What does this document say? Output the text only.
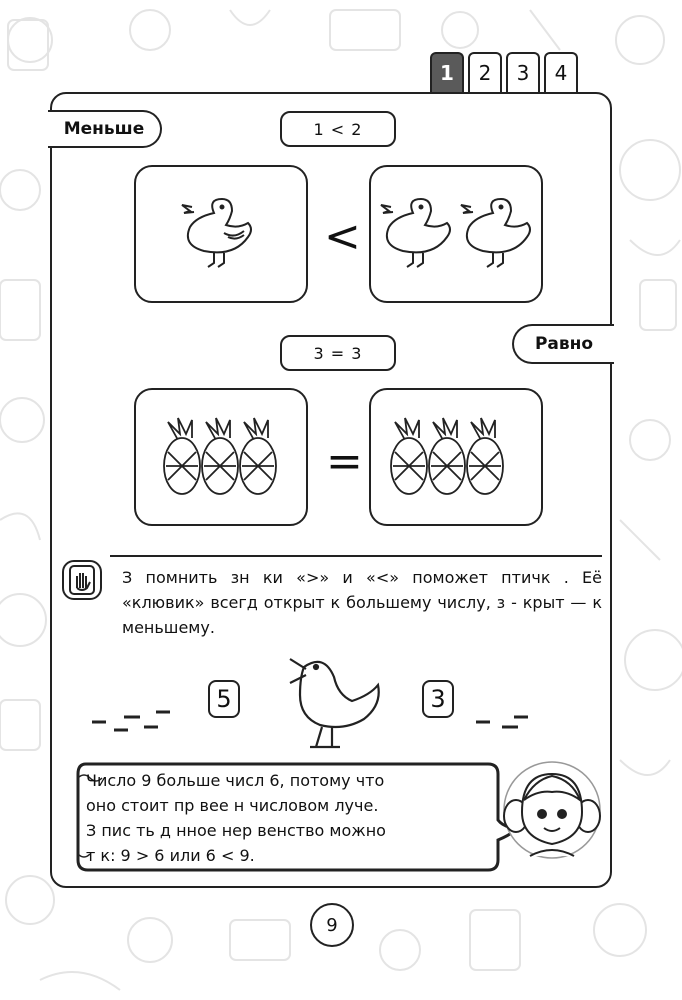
1	2	3	4
Меньше	1 < 2
<
Равно
3 = 3
=
З помнить зн ки «>» и «<» поможет птичк . Её «клювик» всегд открыт к большему числу, з - крыт — к меньшему.
5	3
Число 9 больше числ 6, потому что
оно стоит пр вее н числовом луче.
З пис ть д нное нер венство можно
т к: 9 > 6 или 6 < 9.
9
